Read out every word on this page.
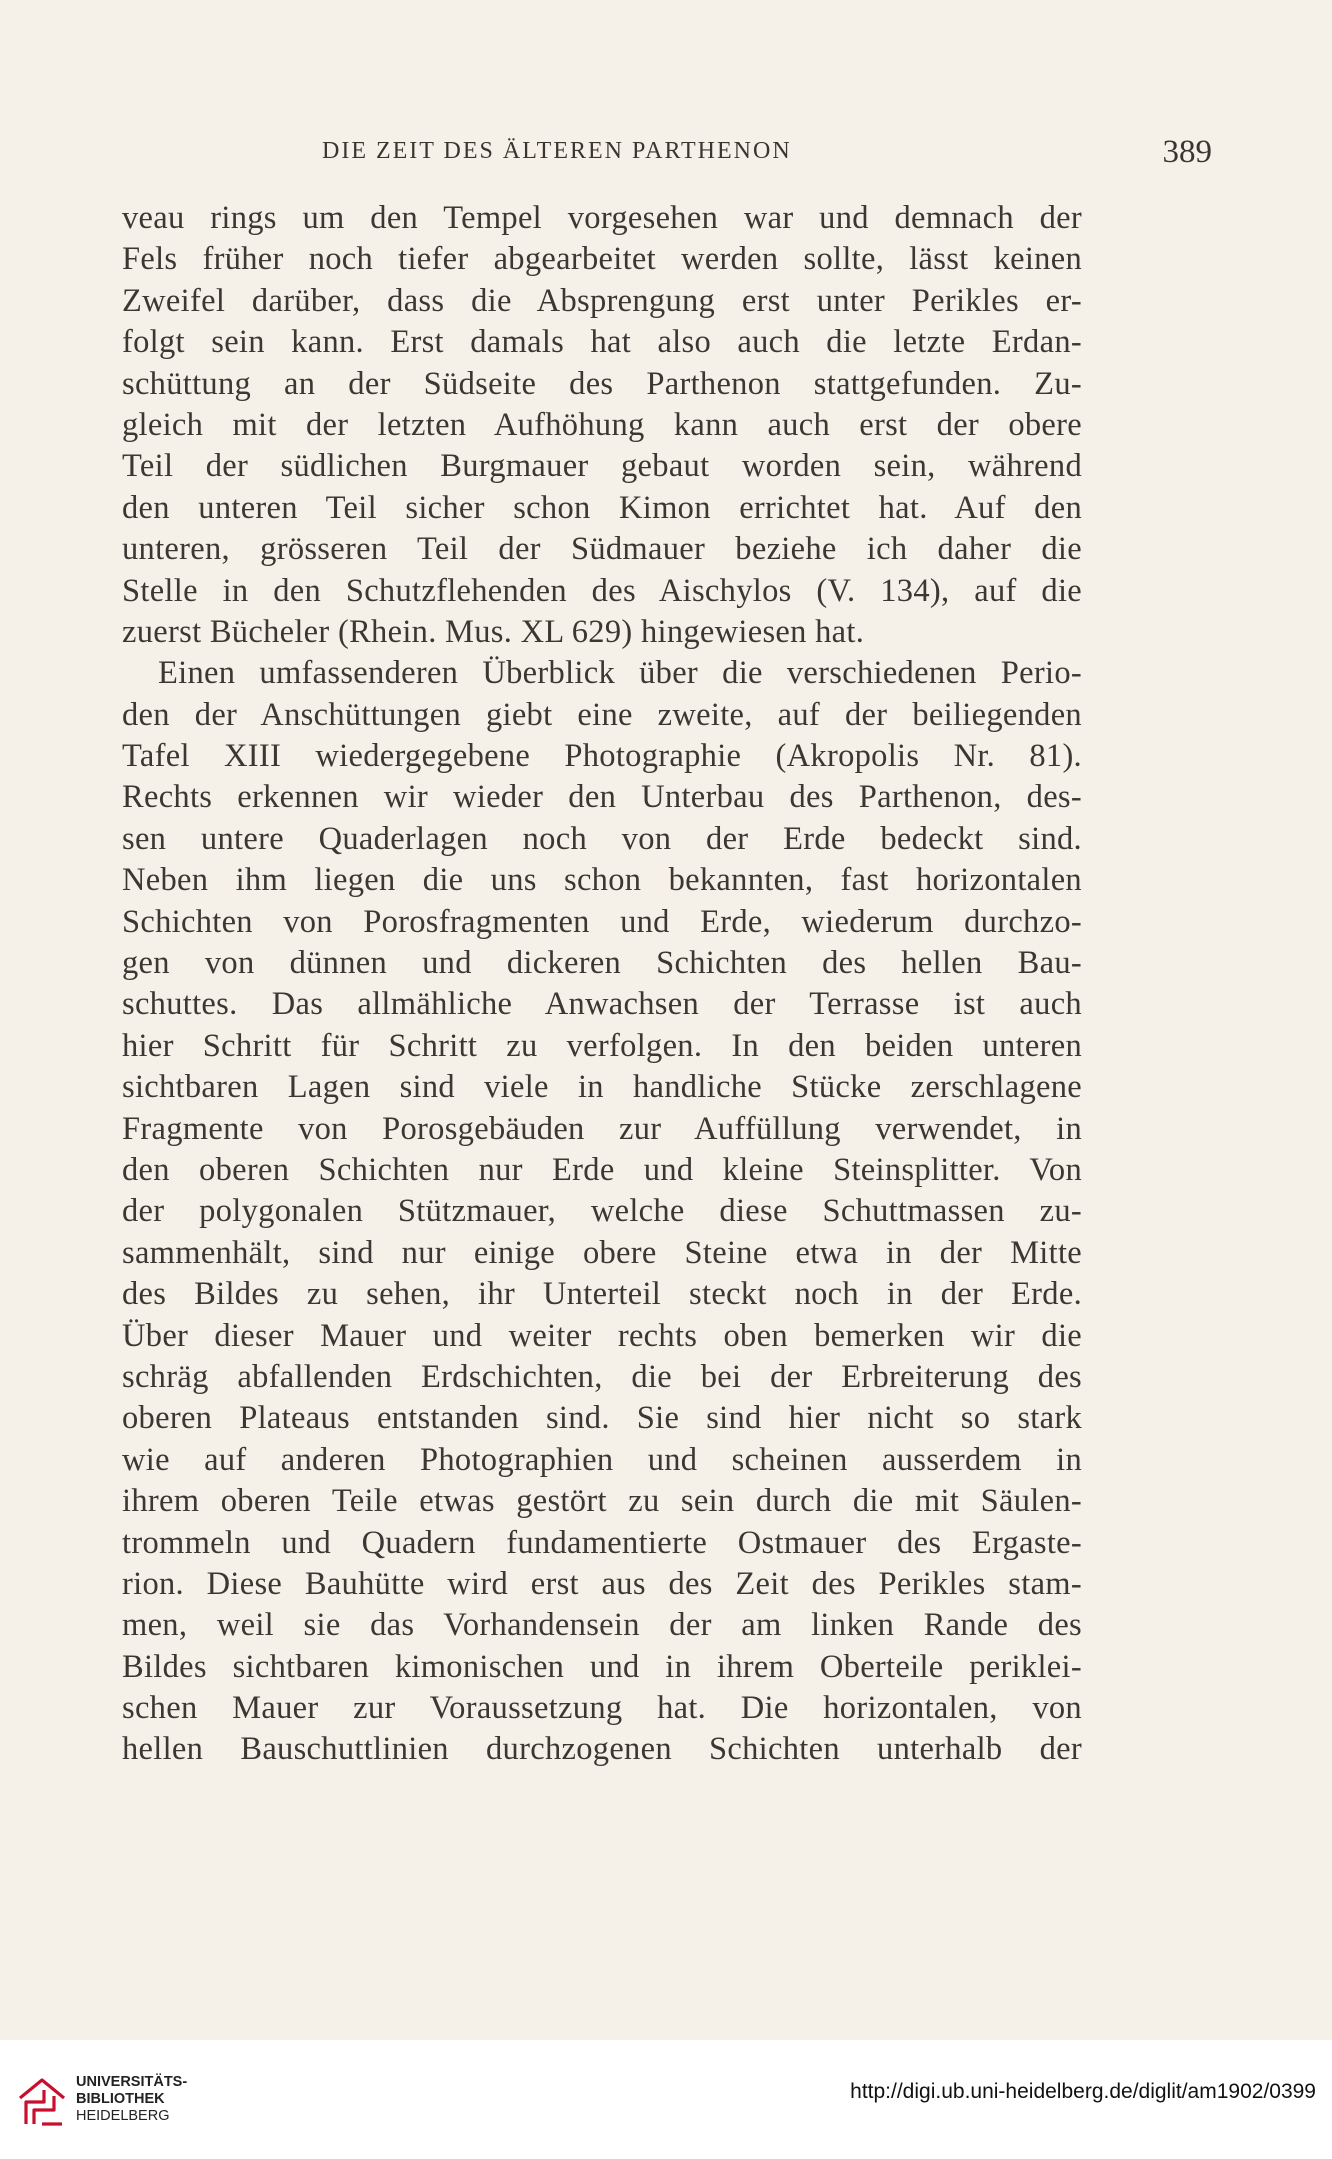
DIE ZEIT DES ÄLTEREN PARTHENON	389
veau rings um den Tempel vorgesehen war und demnach der
Fels früher noch tiefer abgearbeitet werden sollte, lässt keinen
Zweifel darüber, dass die Absprengung erst unter Perikles er-
folgt sein kann. Erst damals hat also auch die letzte Erdan-
schüttung an der Südseite des Parthenon stattgefunden. Zu-
gleich mit der letzten Aufhöhung kann auch erst der obere
Teil der südlichen Burgmauer gebaut worden sein, während
den unteren Teil sicher schon Kimon errichtet hat. Auf den
unteren, grösseren Teil der Südmauer beziehe ich daher die
Stelle in den Schutzflehenden des Aischylos (V. 134), auf die
zuerst Bücheler (Rhein. Mus. XL 629) hingewiesen hat.
Einen umfassenderen Überblick über die verschiedenen Perio-
den der Anschüttungen giebt eine zweite, auf der beiliegenden
Tafel XIII wiedergegebene Photographie (Akropolis Nr. 81).
Rechts erkennen wir wieder den Unterbau des Parthenon, des-
sen untere Quaderlagen noch von der Erde bedeckt sind.
Neben ihm liegen die uns schon bekannten, fast horizontalen
Schichten von Porosfragmenten und Erde, wiederum durchzo-
gen von dünnen und dickeren Schichten des hellen Bau-
schuttes. Das allmähliche Anwachsen der Terrasse ist auch
hier Schritt für Schritt zu verfolgen. In den beiden unteren
sichtbaren Lagen sind viele in handliche Stücke zerschlagene
Fragmente von Porosgebäuden zur Auffüllung verwendet, in
den oberen Schichten nur Erde und kleine Steinsplitter. Von
der polygonalen Stützmauer, welche diese Schuttmassen zu-
sammenhält, sind nur einige obere Steine etwa in der Mitte
des Bildes zu sehen, ihr Unterteil steckt noch in der Erde.
Über dieser Mauer und weiter rechts oben bemerken wir die
schräg abfallenden Erdschichten, die bei der Erbreiterung des
oberen Plateaus entstanden sind. Sie sind hier nicht so stark
wie auf anderen Photographien und scheinen ausserdem in
ihrem oberen Teile etwas gestört zu sein durch die mit Säulen-
trommeln und Quadern fundamentierte Ostmauer des Ergaste-
rion. Diese Bauhütte wird erst aus des Zeit des Perikles stam-
men, weil sie das Vorhandensein der am linken Rande des
Bildes sichtbaren kimonischen und in ihrem Oberteile periklei-
schen Mauer zur Voraussetzung hat. Die horizontalen, von
hellen Bauschuttlinien durchzogenen Schichten unterhalb der
UNIVERSITÄTS-
BIBLIOTHEK
HEIDELBERG
http://digi.ub.uni-heidelberg.de/diglit/am1902/0399
